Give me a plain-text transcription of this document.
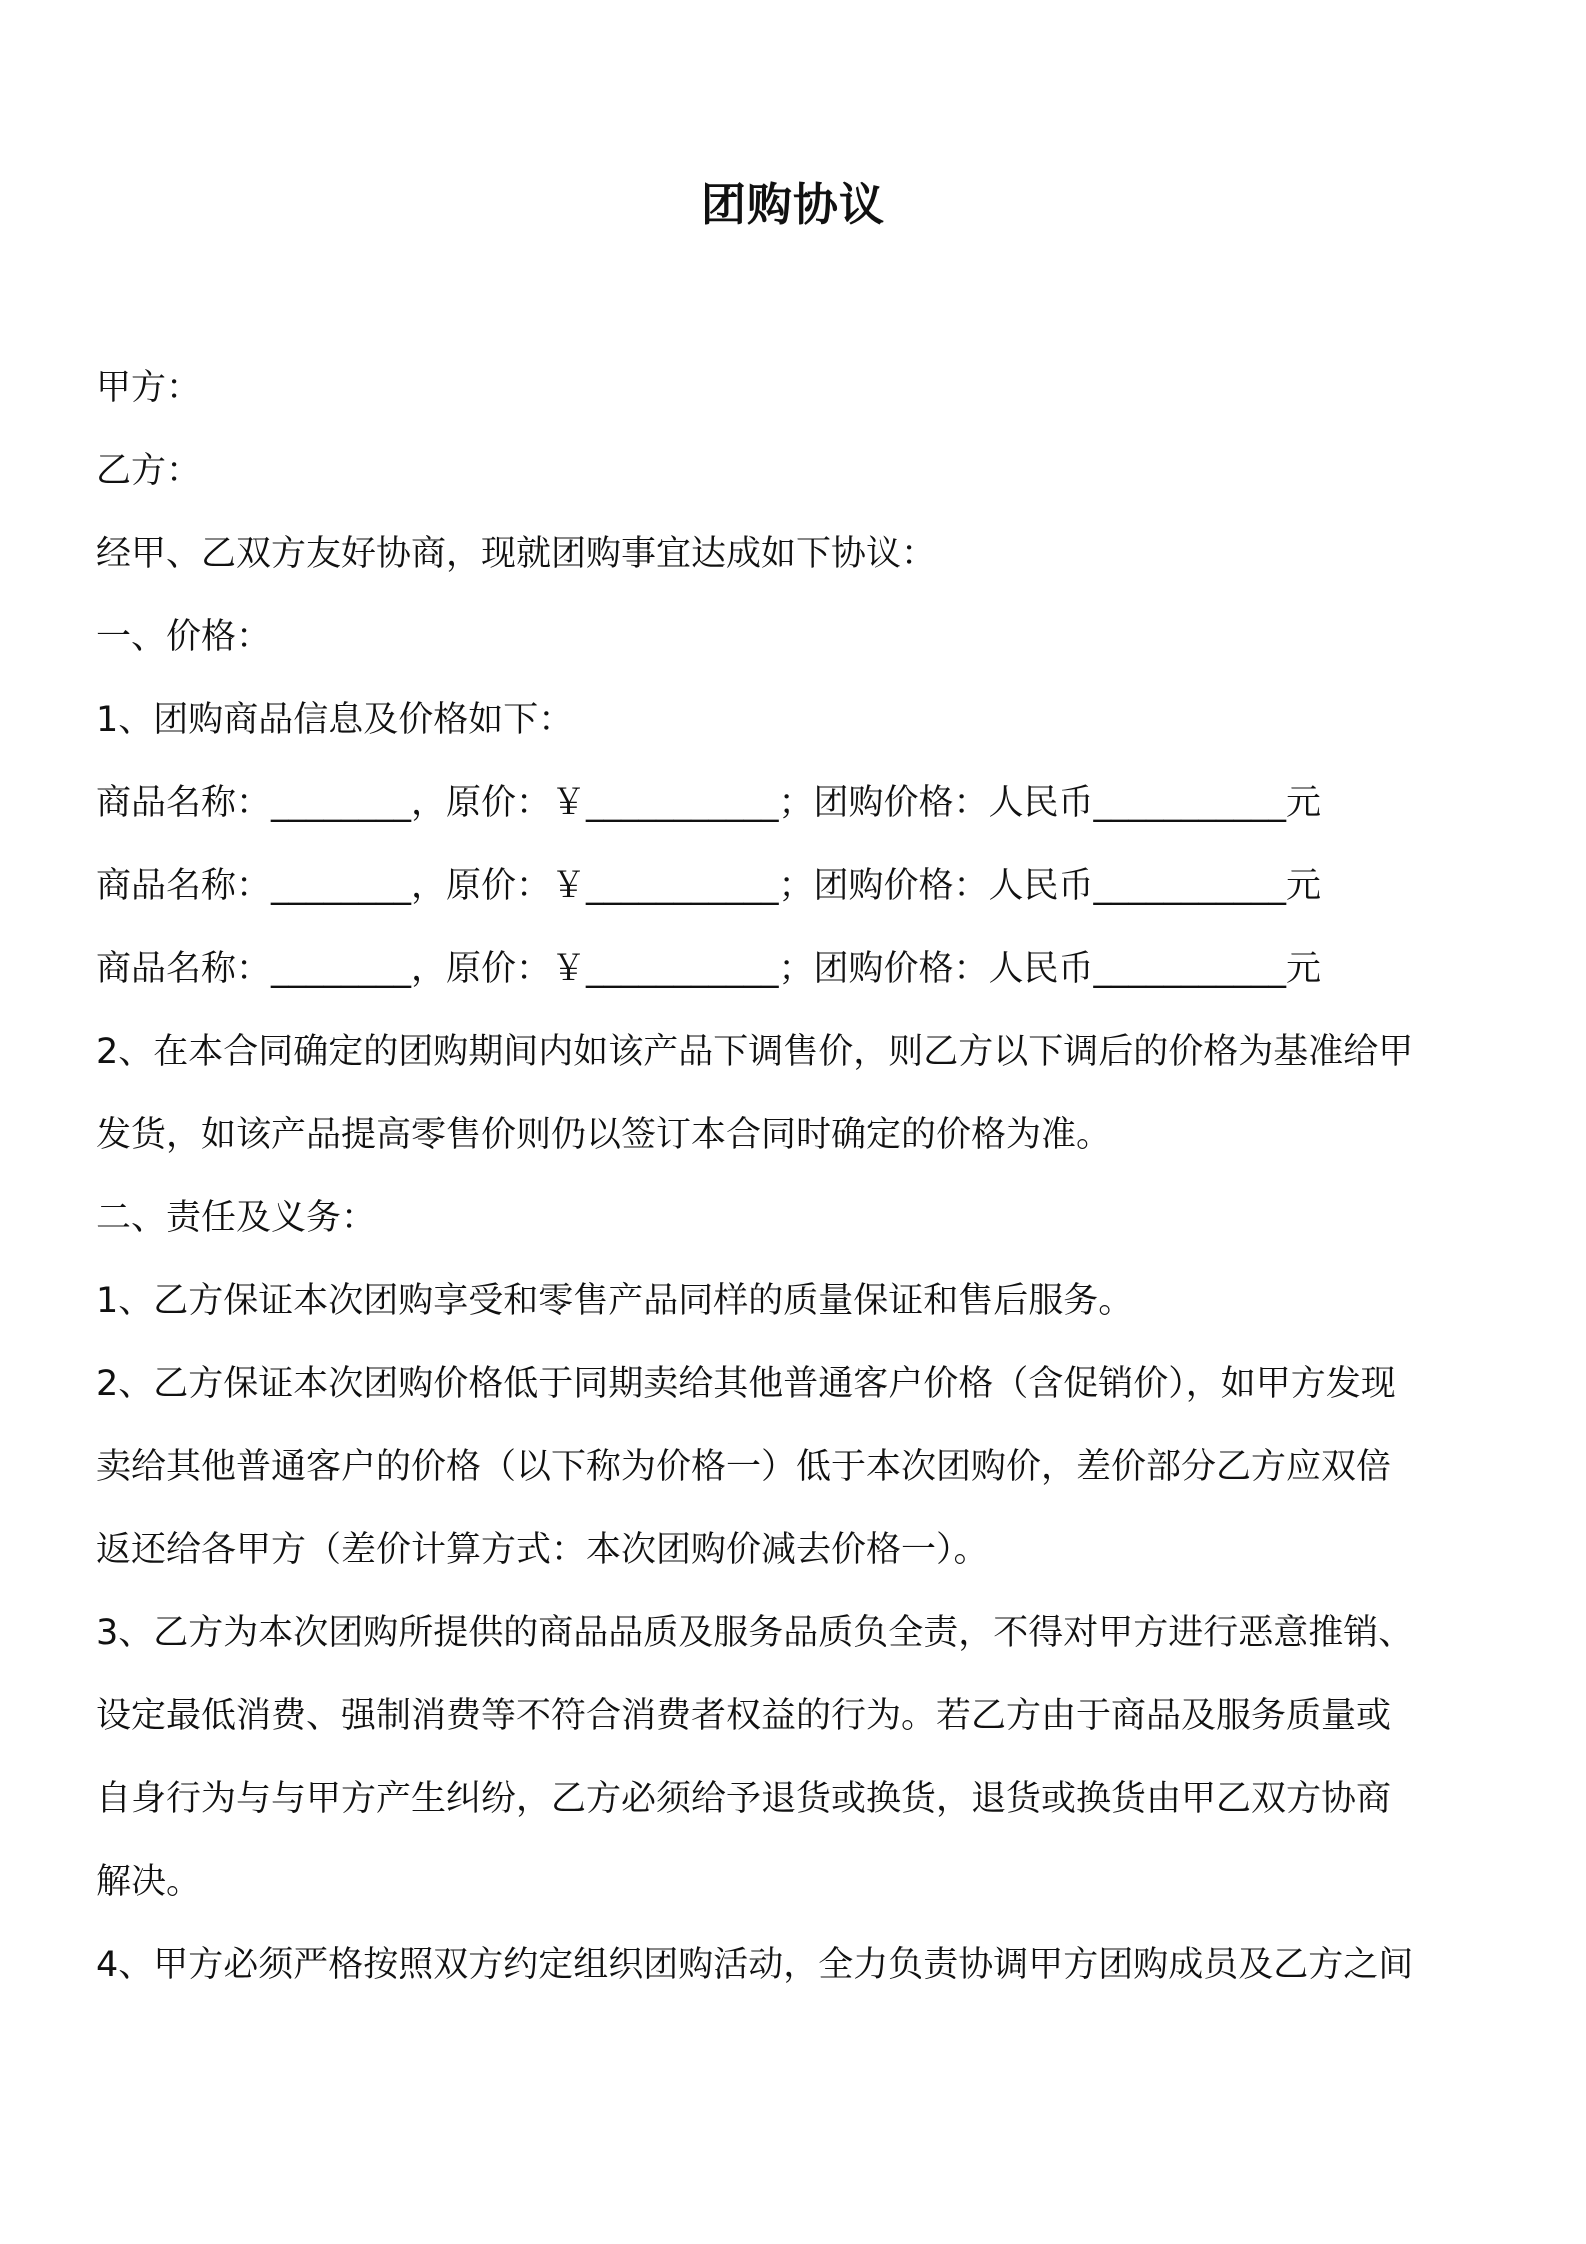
团购协议
甲方：
乙方：
经甲、乙双方友好协商，现就团购事宜达成如下协议：
一、价格：
1、团购商品信息及价格如下：
商品名称：________，原价：￥___________；团购价格：人民币___________元
商品名称：________，原价：￥___________；团购价格：人民币___________元
商品名称：________，原价：￥___________；团购价格：人民币___________元
2、在本合同确定的团购期间内如该产品下调售价，则乙方以下调后的价格为基准给甲
发货，如该产品提高零售价则仍以签订本合同时确定的价格为准。
二、责任及义务：
1、乙方保证本次团购享受和零售产品同样的质量保证和售后服务。
2、乙方保证本次团购价格低于同期卖给其他普通客户价格（含促销价），如甲方发现
卖给其他普通客户的价格（以下称为价格一）低于本次团购价，差价部分乙方应双倍
返还给各甲方（差价计算方式：本次团购价减去价格一）。
3、乙方为本次团购所提供的商品品质及服务品质负全责，不得对甲方进行恶意推销、
设定最低消费、强制消费等不符合消费者权益的行为。若乙方由于商品及服务质量或
自身行为与与甲方产生纠纷，乙方必须给予退货或换货，退货或换货由甲乙双方协商
解决。
4、甲方必须严格按照双方约定组织团购活动，全力负责协调甲方团购成员及乙方之间
